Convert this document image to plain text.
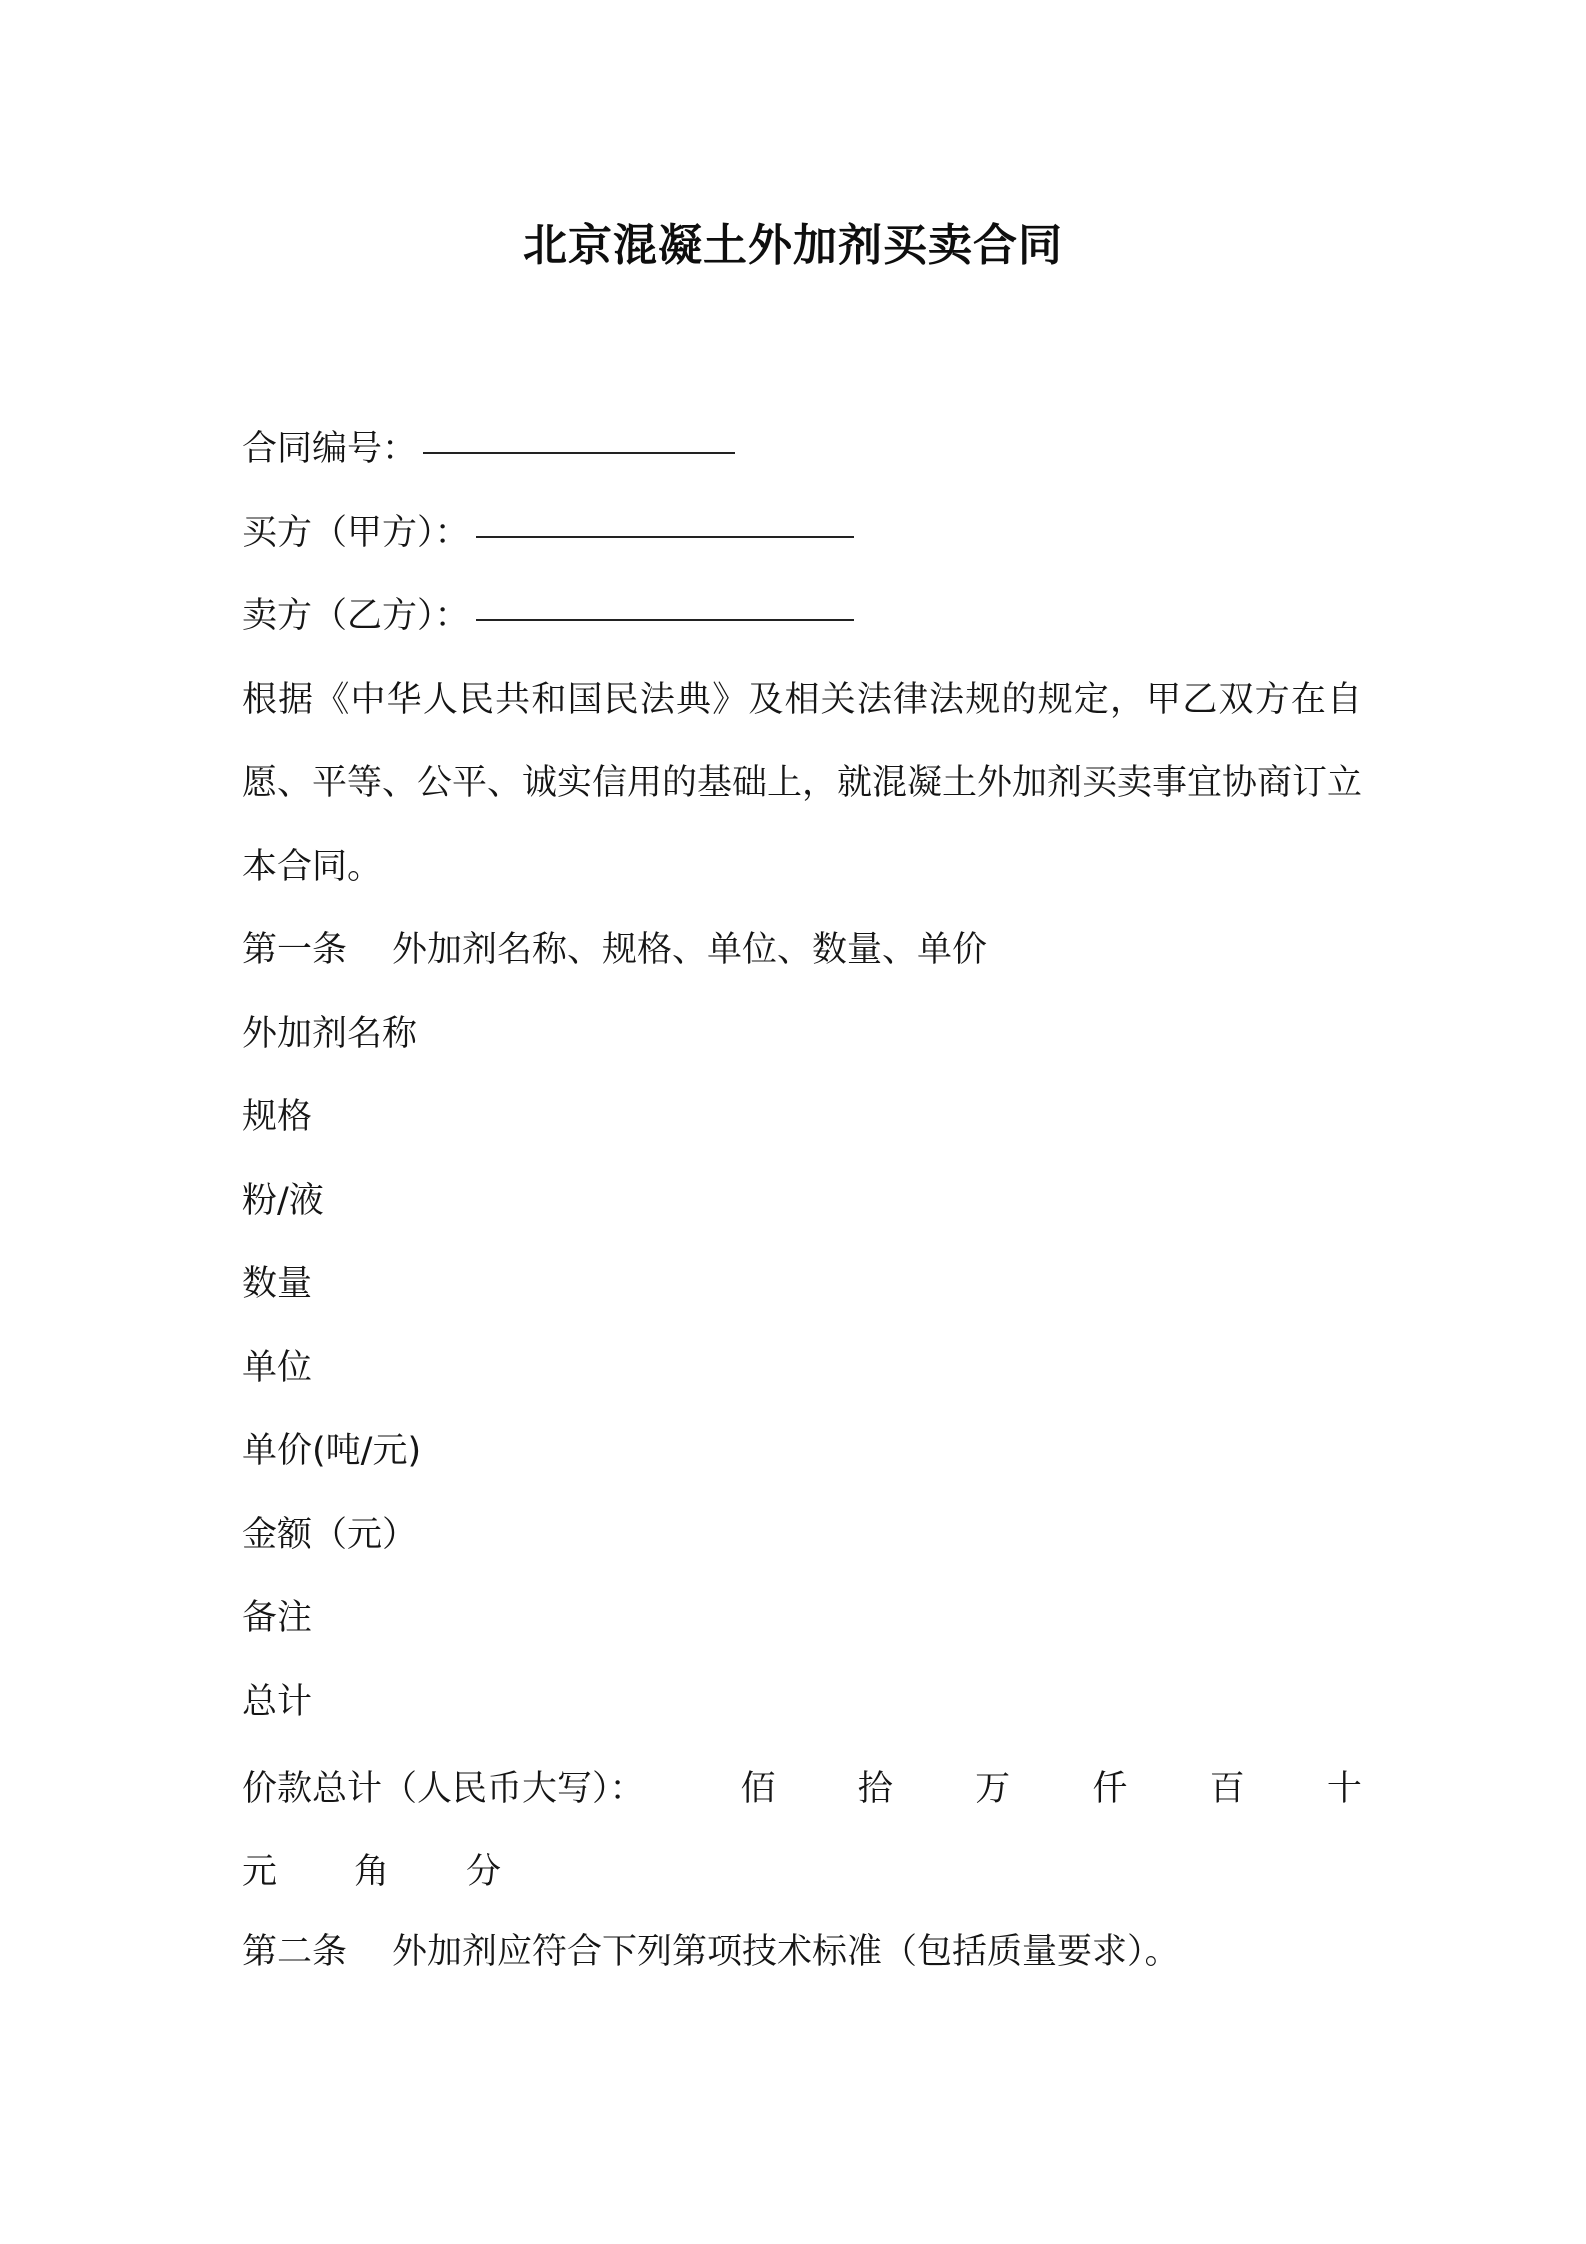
北京混凝土外加剂买卖合同
合同编号：
买方（甲方）：
卖方（乙方）：
根据《中华人民共和国民法典》及相关法律法规的规定，甲乙双方在自愿、平等、公平、诚实信用的基础上，就混凝土外加剂买卖事宜协商订立本合同。
第一条 外加剂名称、规格、单位、数量、单价
外加剂名称
规格
粉/液
数量
单位
单价(吨/元)
金额（元）
备注
总计
价款总计（人民币大写）：	佰 拾 万 仟 百 十
元	角	分
第二条 外加剂应符合下列第项技术标准（包括质量要求）。
